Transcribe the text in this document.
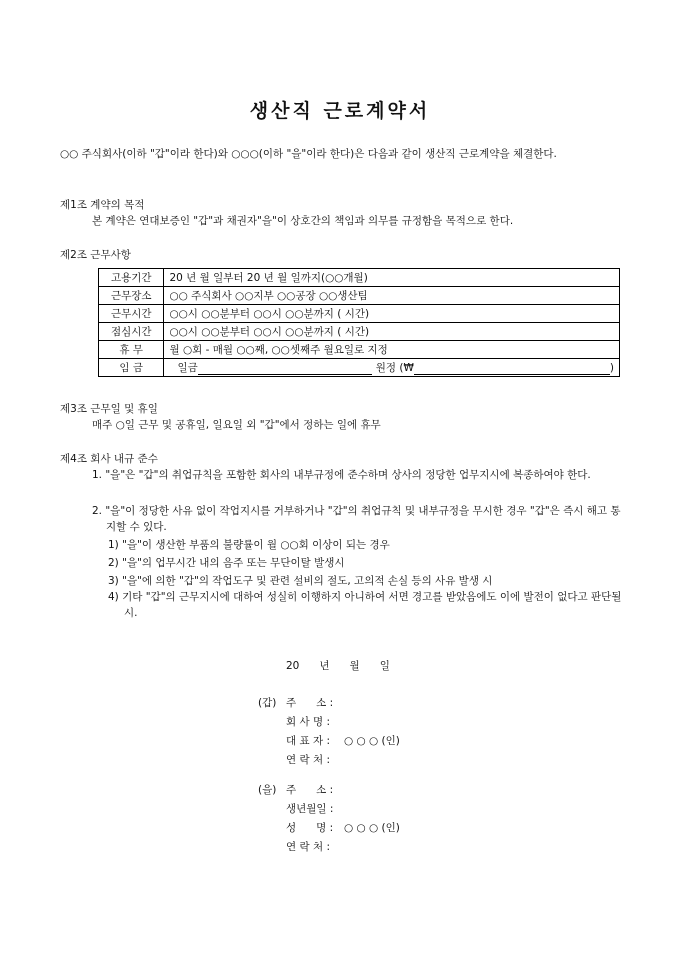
생산직 근로계약서
○○ 주식회사(이하 "갑"이라 한다)와 ○○○(이하 "을"이라 한다)은 다음과 같이 생산직 근로계약을 체결한다.
제1조 계약의 목적
본 계약은 연대보증인 "갑"과 채권자"을"이 상호간의 책임과 의무를 규정함을 목적으로 한다.
제2조 근무사항
고용기간	20 년 월 일부터 20 년 월 일까지(○○개월)
근무장소	○○ 주식회사 ○○지부 ○○공장 ○○생산팀
근무시간	○○시 ○○분부터 ○○시 ○○분까지 ( 시간)
점심시간	○○시 ○○분부터 ○○시 ○○분까지 ( 시간)
휴 무	월 ○회 - 매월 ○○째, ○○셋째주 월요일로 지정
임 금	일금 원정 (₩ )
제3조 근무일 및 휴일
매주 ○일 근무 및 공휴일, 일요일 외 "갑"에서 정하는 일에 휴무
제4조 회사 내규 준수
1. "을"은 "갑"의 취업규칙을 포함한 회사의 내부규정에 준수하며 상사의 정당한 업무지시에 복종하여야 한다.
2. "을"이 정당한 사유 없이 작업지시를 거부하거나 "갑"의 취업규칙 및 내부규정을 무시한 경우 "갑"은 즉시 해고 통지할 수 있다.
1) "을"이 생산한 부품의 불량률이 월 ○○회 이상이 되는 경우
2) "을"의 업무시간 내의 음주 또는 무단이탈 발생시
3) "을"에 의한 "갑"의 작업도구 및 관련 설비의 절도, 고의적 손실 등의 사유 발생 시
4) 기타 "갑"의 근무지시에 대하여 성실히 이행하지 아니하여 서면 경고를 받았음에도 이에 발전이 없다고 판단될 시.
20      년      월      일
(갑) 주      소 :
회 사 명 :
대 표 자 : ○ ○ ○ (인)
연 락 처 :
(을) 주      소 :
생년월일 :
성      명 : ○ ○ ○ (인)
연 락 처 :
